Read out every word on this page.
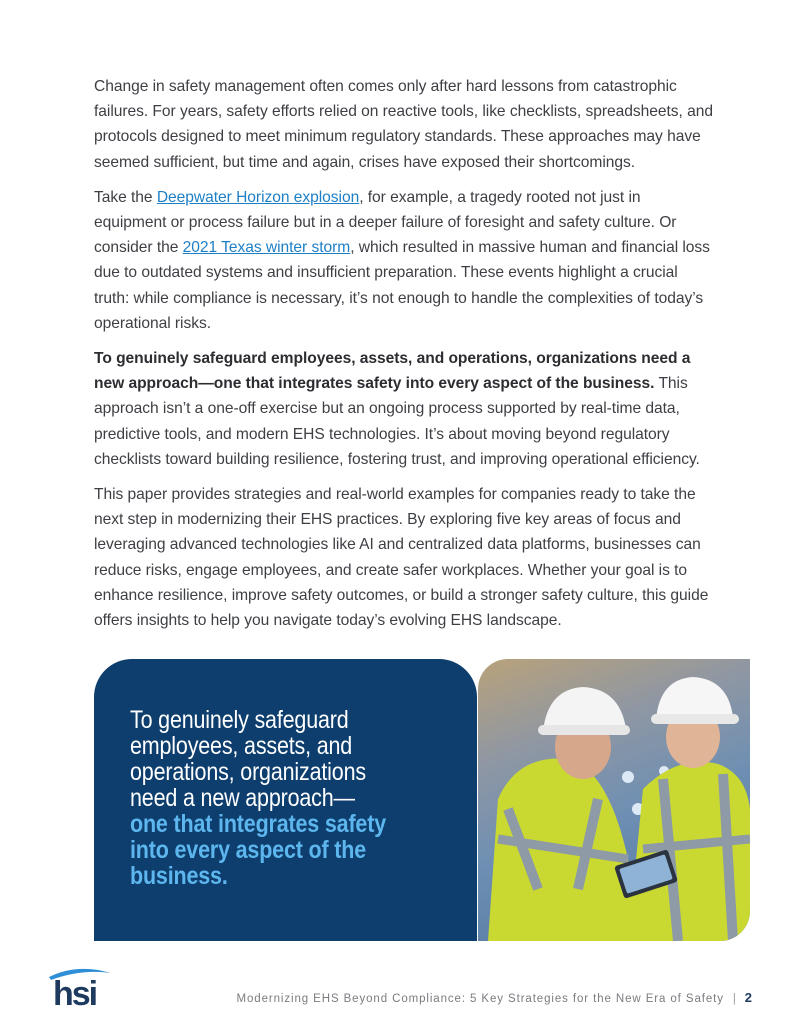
Change in safety management often comes only after hard lessons from catastrophic failures. For years, safety efforts relied on reactive tools, like checklists, spreadsheets, and protocols designed to meet minimum regulatory standards. These approaches may have seemed sufficient, but time and again, crises have exposed their shortcomings.

Take the Deepwater Horizon explosion, for example, a tragedy rooted not just in equipment or process failure but in a deeper failure of foresight and safety culture. Or consider the 2021 Texas winter storm, which resulted in massive human and financial loss due to outdated systems and insufficient preparation. These events highlight a crucial truth: while compliance is necessary, it’s not enough to handle the complexities of today’s operational risks.

To genuinely safeguard employees, assets, and operations, organizations need a new approach—one that integrates safety into every aspect of the business. This approach isn’t a one-off exercise but an ongoing process supported by real-time data, predictive tools, and modern EHS technologies. It’s about moving beyond regulatory checklists toward building resilience, fostering trust, and improving operational efficiency.

This paper provides strategies and real-world examples for companies ready to take the next step in modernizing their EHS practices. By exploring five key areas of focus and leveraging advanced technologies like AI and centralized data platforms, businesses can reduce risks, engage employees, and create safer workplaces. Whether your goal is to enhance resilience, improve safety outcomes, or build a stronger safety culture, this guide offers insights to help you navigate today’s evolving EHS landscape.

To genuinely safeguard
employees, assets, and
operations, organizations
need a new approach—
one that integrates safety
into every aspect of the
business.
hsi	Modernizing EHS Beyond Compliance: 5 Key Strategies for the New Era of Safety | 2
